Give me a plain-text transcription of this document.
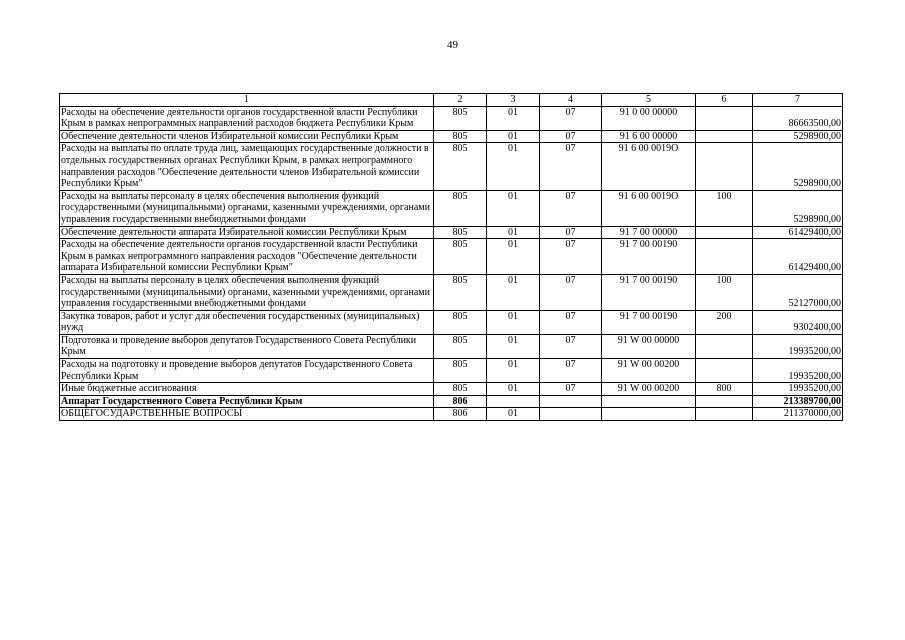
49
1	2	3	4	5	6	7
Расходы на обеспечение деятельности органов государственной власти Республики Крым в рамках непрограммных направлений расходов бюджета Республики Крым	805	01	07	91 0 00 00000		86663500,00
Обеспечение деятельности членов Избирательной комиссии Республики Крым	805	01	07	91 6 00 00000		5298900,00
Расходы на выплаты по оплате труда лиц, замещающих государственные должности в отдельных государственных органах Республики Крым, в рамках непрограммного направления расходов "Обеспечение деятельности членов Избирательной комиссии Республики Крым"	805	01	07	91 6 00 0019О		5298900,00
Расходы на выплаты персоналу в целях обеспечения выполнения функций государственными (муниципальными) органами, казенными учреждениями, органами управления государственными внебюджетными фондами	805	01	07	91 6 00 0019О	100	5298900,00
Обеспечение деятельности аппарата Избирательной комиссии Республики Крым	805	01	07	91 7 00 00000		61429400,00
Расходы на обеспечение деятельности органов государственной власти Республики Крым в рамках непрограммного направления расходов "Обеспечение деятельности аппарата Избирательной комиссии Республики Крым"	805	01	07	91 7 00 00190		61429400,00
Расходы на выплаты персоналу в целях обеспечения выполнения функций государственными (муниципальными) органами, казенными учреждениями, органами управления государственными внебюджетными фондами	805	01	07	91 7 00 00190	100	52127000,00
Закупка товаров, работ и услуг для обеспечения государственных (муниципальных) нужд	805	01	07	91 7 00 00190	200	9302400,00
Подготовка и проведение выборов депутатов Государственного Совета Республики Крым	805	01	07	91 W 00 00000		19935200,00
Расходы на подготовку и проведение выборов депутатов Государственного Совета Республики Крым	805	01	07	91 W 00 00200		19935200,00
Иные бюджетные ассигнования	805	01	07	91 W 00 00200	800	19935200,00
Аппарат Государственного Совета Республики Крым	806					213389700,00
ОБЩЕГОСУДАРСТВЕННЫЕ ВОПРОСЫ	806	01				211370000,00
